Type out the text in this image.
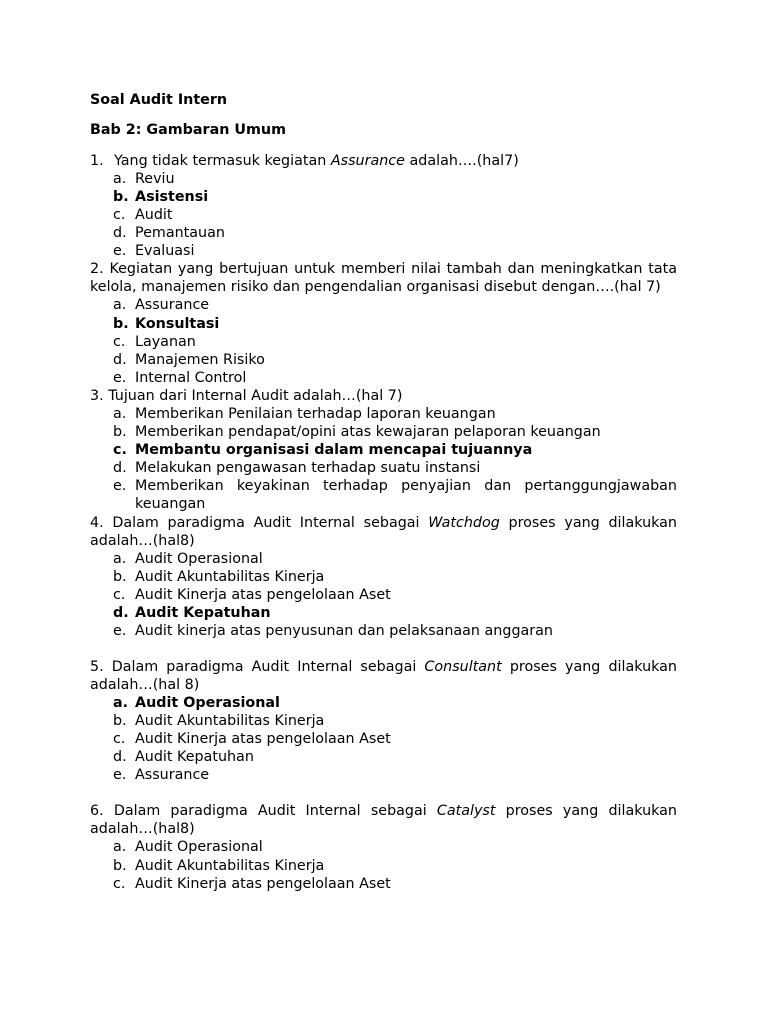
Soal Audit Intern
Bab 2: Gambaran Umum
1. Yang tidak termasuk kegiatan Assurance adalah….(hal7)
a. Reviu
b. Asistensi
c. Audit
d. Pemantauan
e. Evaluasi
2. Kegiatan yang bertujuan untuk memberi nilai tambah dan meningkatkan tata kelola, manajemen risiko dan pengendalian organisasi disebut dengan….(hal 7)
a. Assurance
b. Konsultasi
c. Layanan
d. Manajemen Risiko
e. Internal Control
3. Tujuan dari Internal Audit adalah…(hal 7)
a. Memberikan Penilaian terhadap laporan keuangan
b. Memberikan pendapat/opini atas kewajaran pelaporan keuangan
c. Membantu organisasi dalam mencapai tujuannya
d. Melakukan pengawasan terhadap suatu instansi
e. Memberikan keyakinan terhadap penyajian dan pertanggungjawaban keuangan
4. Dalam paradigma Audit Internal sebagai Watchdog proses yang dilakukan adalah…(hal8)
a. Audit Operasional
b. Audit Akuntabilitas Kinerja
c. Audit Kinerja atas pengelolaan Aset
d. Audit Kepatuhan
e. Audit kinerja atas penyusunan dan pelaksanaan anggaran
5. Dalam paradigma Audit Internal sebagai Consultant proses yang dilakukan adalah…(hal 8)
a. Audit Operasional
b. Audit Akuntabilitas Kinerja
c. Audit Kinerja atas pengelolaan Aset
d. Audit Kepatuhan
e. Assurance
6. Dalam paradigma Audit Internal sebagai Catalyst proses yang dilakukan adalah…(hal8)
a. Audit Operasional
b. Audit Akuntabilitas Kinerja
c. Audit Kinerja atas pengelolaan Aset
